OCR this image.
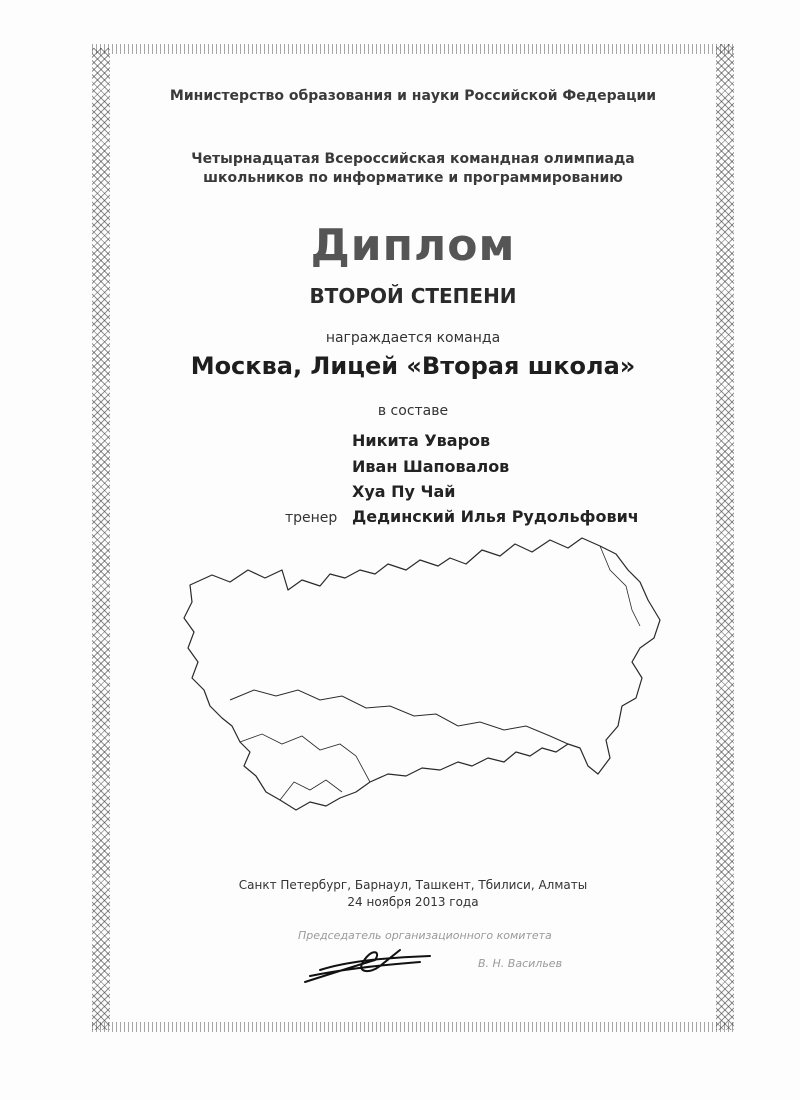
Министерство образования и науки Российской Федерации
Четырнадцатая Всероссийская командная олимпиада
школьников по информатике и программированию
Диплом
ВТОРОЙ СТЕПЕНИ
награждается команда
Москва, Лицей «Вторая школа»
в составе
Никита Уваров
Иван Шаповалов
Хуа Пу Чай
тренер Дединский Илья Рудольфович
Санкт Петербург, Барнаул, Ташкент, Тбилиси, Алматы
24 ноября 2013 года
Председатель организационного комитета
В. Н. Васильев
